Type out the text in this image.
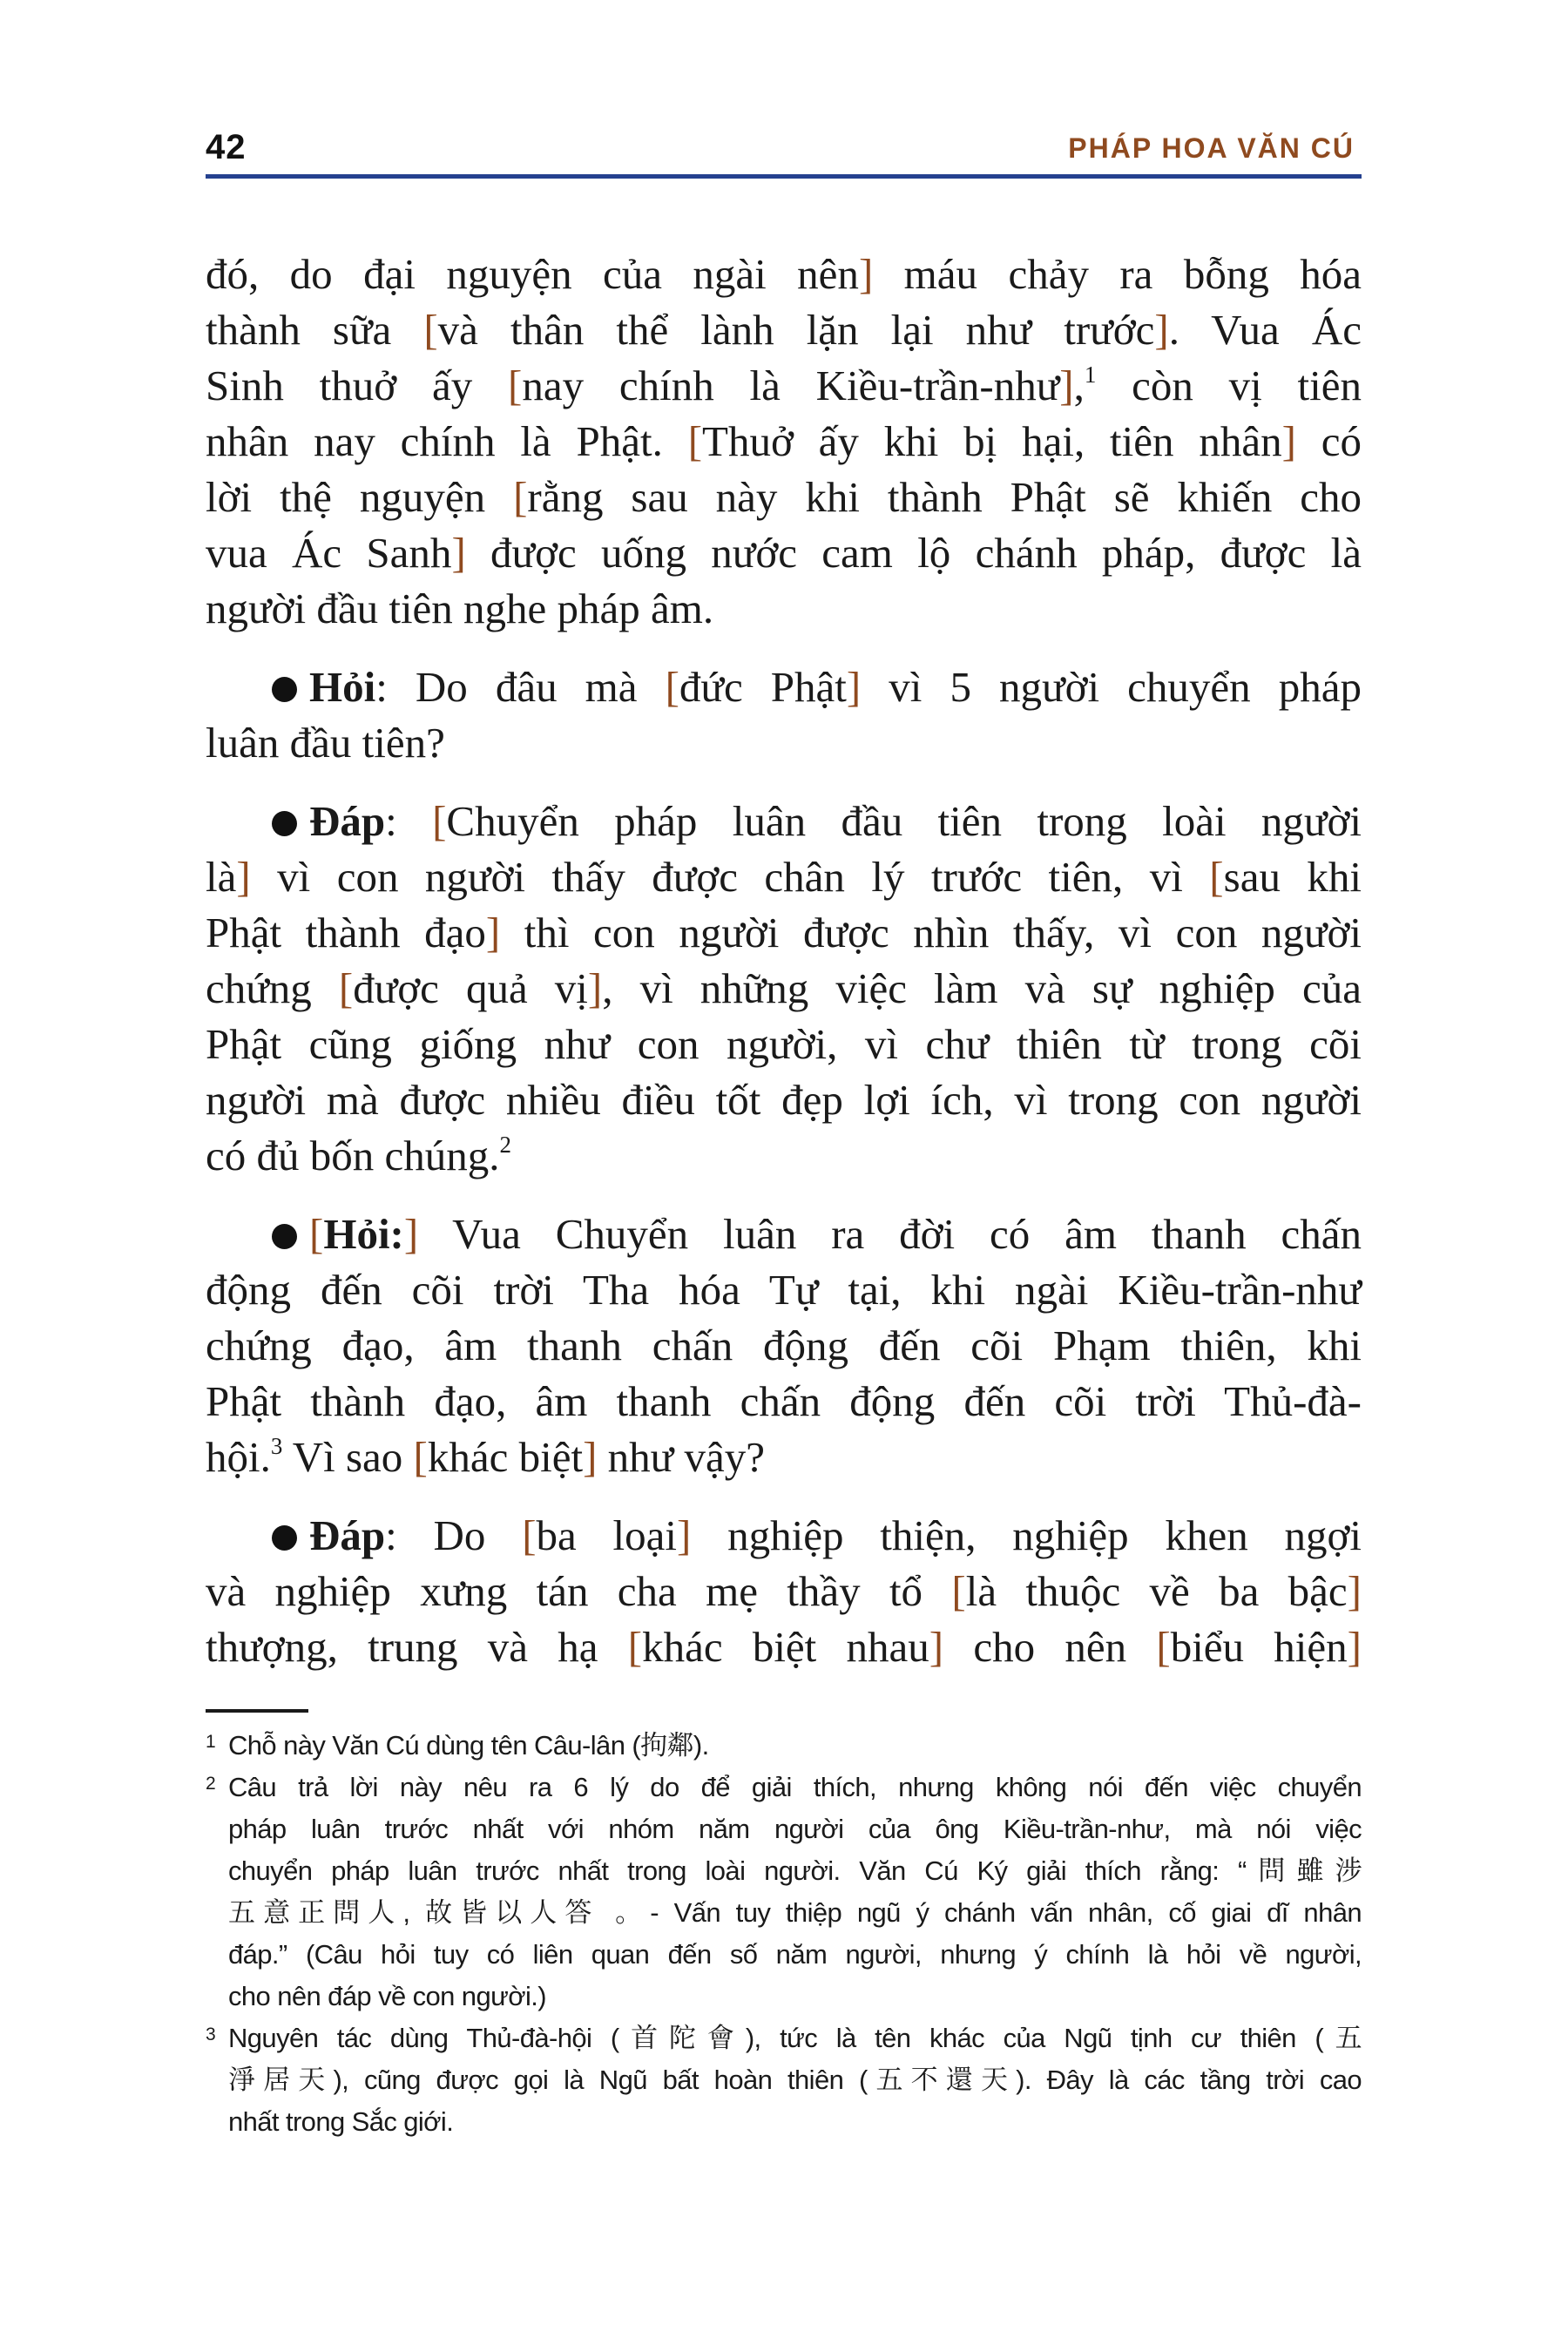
42	PHÁP HOA VĂN CÚ
đó, do đại nguyện của ngài nên] máu chảy ra bỗng hóa
thành sữa [và thân thể lành lặn lại như trước]. Vua Ác
Sinh thuở ấy [nay chính là Kiều-trần-như],$^1$ còn vị tiên
nhân nay chính là Phật. [Thuở ấy khi bị hại, tiên nhân] có
lời thệ nguyện [rằng sau này khi thành Phật sẽ khiến cho
vua Ác Sanh] được uống nước cam lộ chánh pháp, được là
người đầu tiên nghe pháp âm.
Hỏi: Do đâu mà [đức Phật] vì 5 người chuyển pháp
luân đầu tiên?
Đáp: [Chuyển pháp luân đầu tiên trong loài người
là] vì con người thấy được chân lý trước tiên, vì [sau khi
Phật thành đạo] thì con người được nhìn thấy, vì con người
chứng [được quả vị], vì những việc làm và sự nghiệp của
Phật cũng giống như con người, vì chư thiên từ trong cõi
người mà được nhiều điều tốt đẹp lợi ích, vì trong con người
có đủ bốn chúng.$^2$
[Hỏi:] Vua Chuyển luân ra đời có âm thanh chấn
động đến cõi trời Tha hóa Tự tại, khi ngài Kiều-trần-như
chứng đạo, âm thanh chấn động đến cõi Phạm thiên, khi
Phật thành đạo, âm thanh chấn động đến cõi trời Thủ-đà-
hội.$^3$ Vì sao [khác biệt] như vậy?
Đáp: Do [ba loại] nghiệp thiện, nghiệp khen ngợi
và nghiệp xưng tán cha mẹ thầy tổ [là thuộc về ba bậc]
thượng, trung và hạ [khác biệt nhau] cho nên [biểu hiện]
1 Chỗ này Văn Cú dùng tên Câu-lân (拘鄰).
2 Câu trả lời này nêu ra 6 lý do để giải thích, nhưng không nói đến việc chuyển
pháp luân trước nhất với nhóm năm người của ông Kiều-trần-như, mà nói việc
chuyển pháp luân trước nhất trong loài người. Văn Cú Ký giải thích rằng: “問雖涉
五意正問人, 故皆以人答 。- Vấn tuy thiệp ngũ ý chánh vấn nhân, cố giai dĩ nhân
đáp.” (Câu hỏi tuy có liên quan đến số năm người, nhưng ý chính là hỏi về người,
cho nên đáp về con người.)
3 Nguyên tác dùng Thủ-đà-hội (首陀會), tức là tên khác của Ngũ tịnh cư thiên (五
淨居天), cũng được gọi là Ngũ bất hoàn thiên (五不還天). Đây là các tầng trời cao
nhất trong Sắc giới.
